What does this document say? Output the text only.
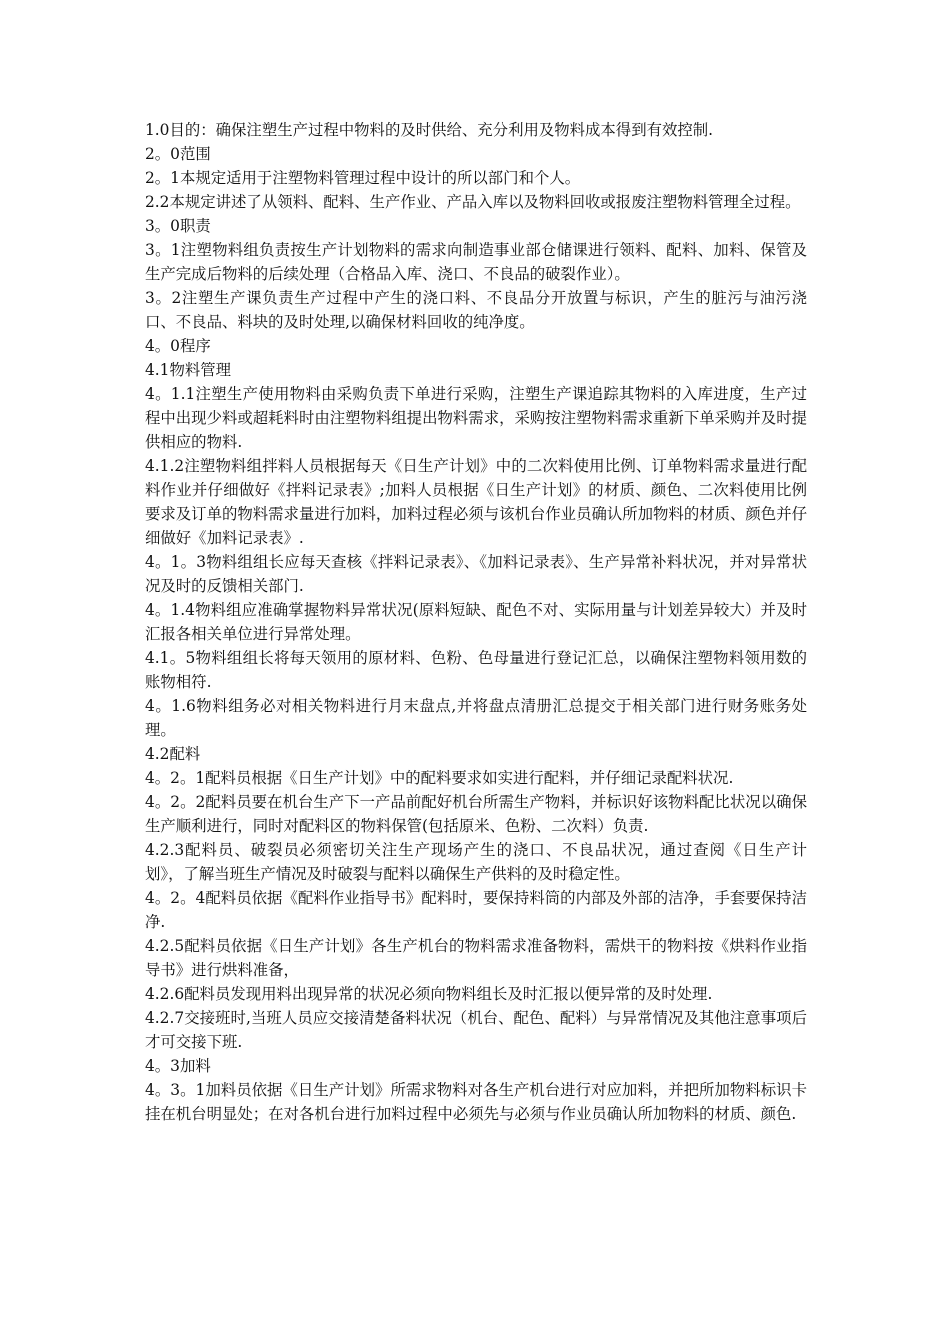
1.0目的：确保注塑生产过程中物料的及时供给、充分利用及物料成本得到有效控制.

2。0范围

2。1本规定适用于注塑物料管理过程中设计的所以部门和个人。

2.2本规定讲述了从领料、配料、生产作业、产品入库以及物料回收或报废注塑物料管理全过程。

3。0职责

3。1注塑物料组负责按生产计划物料的需求向制造事业部仓储课进行领料、配料、加料、保管及生产完成后物料的后续处理（合格品入库、浇口、不良品的破裂作业）。

3。2注塑生产课负责生产过程中产生的浇口料、不良品分开放置与标识，产生的脏污与油污浇口、不良品、料块的及时处理,以确保材料回收的纯净度。

4。0程序

4.1物料管理

4。1.1注塑生产使用物料由采购负责下单进行采购，注塑生产课追踪其物料的入库进度，生产过程中出现少料或超耗料时由注塑物料组提出物料需求，采购按注塑物料需求重新下单采购并及时提供相应的物料.

4.1.2注塑物料组拌料人员根据每天《日生产计划》中的二次料使用比例、订单物料需求量进行配料作业并仔细做好《拌料记录表》;加料人员根据《日生产计划》的材质、颜色、二次料使用比例要求及订单的物料需求量进行加料，加料过程必须与该机台作业员确认所加物料的材质、颜色并仔细做好《加料记录表》.

4。1。3物料组组长应每天查核《拌料记录表》、《加料记录表》、生产异常补料状况，并对异常状况及时的反馈相关部门.

4。1.4物料组应准确掌握物料异常状况(原料短缺、配色不对、实际用量与计划差异较大）并及时汇报各相关单位进行异常处理。

4.1。5物料组组长将每天领用的原材料、色粉、色母量进行登记汇总，以确保注塑物料领用数的账物相符.

4。1.6物料组务必对相关物料进行月末盘点,并将盘点清册汇总提交于相关部门进行财务账务处理。

4.2配料

4。2。1配料员根据《日生产计划》中的配料要求如实进行配料，并仔细记录配料状况.

4。2。2配料员要在机台生产下一产品前配好机台所需生产物料，并标识好该物料配比状况以确保生产顺利进行，同时对配料区的物料保管(包括原米、色粉、二次料）负责.

4.2.3配料员、破裂员必须密切关注生产现场产生的浇口、不良品状况，通过查阅《日生产计划》，了解当班生产情况及时破裂与配料以确保生产供料的及时稳定性。

4。2。4配料员依据《配料作业指导书》配料时，要保持料筒的内部及外部的洁净，手套要保持洁净.

4.2.5配料员依据《日生产计划》各生产机台的物料需求准备物料，需烘干的物料按《烘料作业指导书》进行烘料准备，

4.2.6配料员发现用料出现异常的状况必须向物料组长及时汇报以便异常的及时处理.

4.2.7交接班时,当班人员应交接清楚备料状况（机台、配色、配料）与异常情况及其他注意事项后才可交接下班.

4。3加料

4。3。1加料员依据《日生产计划》所需求物料对各生产机台进行对应加料，并把所加物料标识卡挂在机台明显处；在对各机台进行加料过程中必须先与必须与作业员确认所加物料的材质、颜色.
